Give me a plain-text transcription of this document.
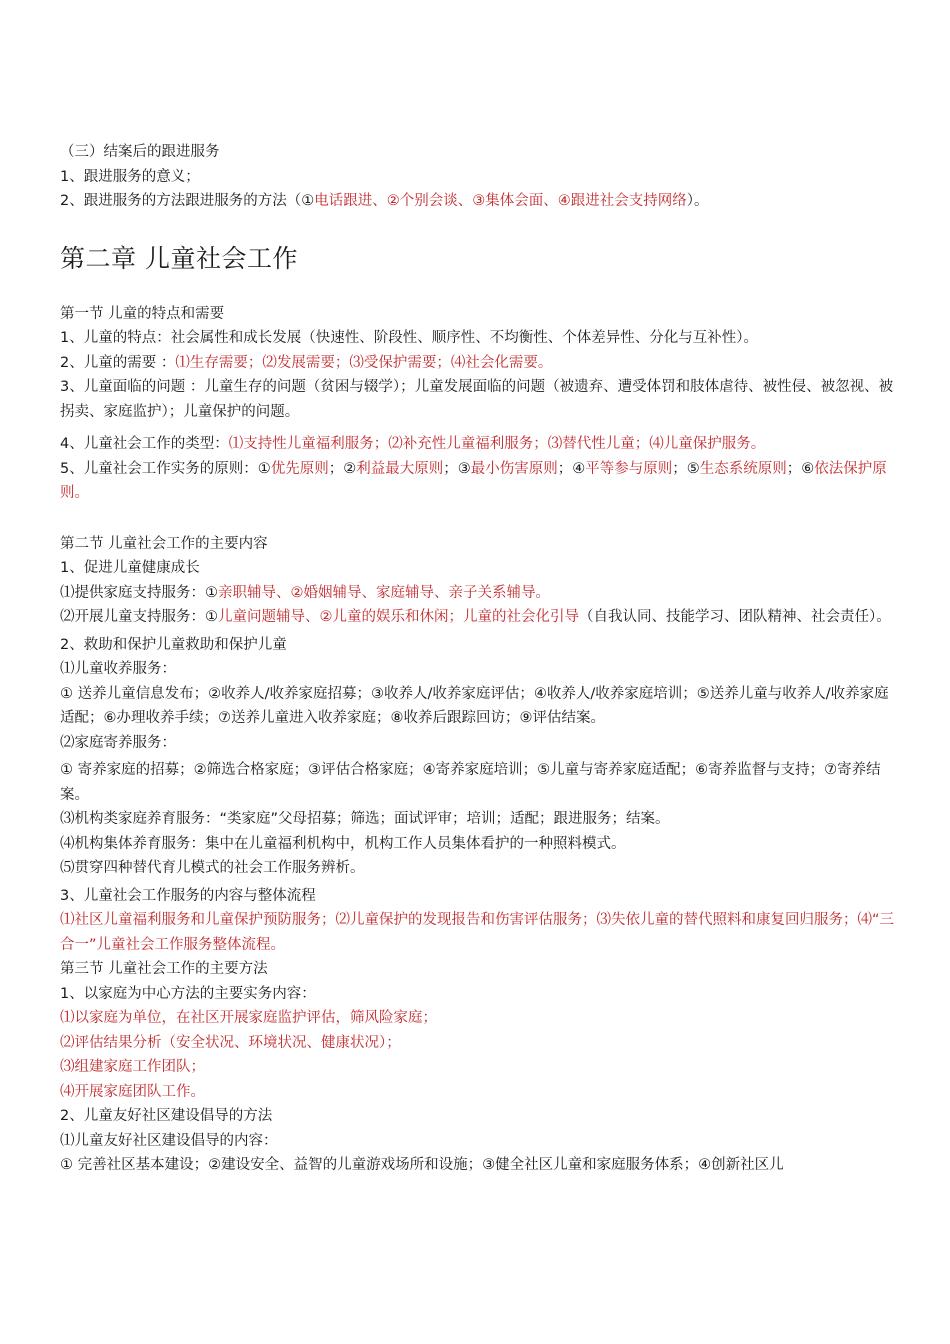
（三）结案后的跟进服务

1、跟进服务的意义；

2、跟进服务的方法跟进服务的方法（①电话跟进、②个别会谈、③集体会面、④跟进社会支持网络）。

第二章 儿童社会工作

第一节 儿童的特点和需要

1、儿童的特点：社会属性和成长发展（快速性、阶段性、顺序性、不均衡性、个体差异性、分化与互补性）。

2、儿童的需要 ：⑴生存需要；⑵发展需要；⑶受保护需要；⑷社会化需要。

3、儿童面临的问题 ：儿童生存的问题（贫困与辍学）；儿童发展面临的问题（被遗弃、遭受体罚和肢体虐待、被性侵、被忽视、被拐卖、家庭监护）；儿童保护的问题。

4、儿童社会工作的类型：⑴支持性儿童福利服务；⑵补充性儿童福利服务；⑶替代性儿童；⑷儿童保护服务。

5、儿童社会工作实务的原则：①优先原则；②利益最大原则；③最小伤害原则；④平等参与原则；⑤生态系统原则；⑥依法保护原则。

第二节 儿童社会工作的主要内容

1、促进儿童健康成长

⑴提供家庭支持服务：①亲职辅导、②婚姻辅导、家庭辅导、亲子关系辅导。

⑵开展儿童支持服务：①儿童问题辅导、②儿童的娱乐和休闲；儿童的社会化引导（自我认同、技能学习、团队精神、社会责任）。

2、救助和保护儿童救助和保护儿童

⑴儿童收养服务：

① 送养儿童信息发布；②收养人/收养家庭招募；③收养人/收养家庭评估；④收养人/收养家庭培训；⑤送养儿童与收养人/收养家庭适配；⑥办理收养手续；⑦送养儿童进入收养家庭；⑧收养后跟踪回访；⑨评估结案。

⑵家庭寄养服务：

① 寄养家庭的招募；②筛选合格家庭；③评估合格家庭；④寄养家庭培训；⑤儿童与寄养家庭适配；⑥寄养监督与支持；⑦寄养结案。

⑶机构类家庭养育服务：“类家庭”父母招募；筛选；面试评审；培训；适配；跟进服务；结案。

⑷机构集体养育服务：集中在儿童福利机构中，机构工作人员集体看护的一种照料模式。

⑸贯穿四种替代育儿模式的社会工作服务辨析。

3、儿童社会工作服务的内容与整体流程

⑴社区儿童福利服务和儿童保护预防服务；⑵儿童保护的发现报告和伤害评估服务；⑶失依儿童的替代照料和康复回归服务；⑷“三合一”儿童社会工作服务整体流程。

第三节 儿童社会工作的主要方法

1、以家庭为中心方法的主要实务内容：

⑴以家庭为单位，在社区开展家庭监护评估，筛风险家庭；

⑵评估结果分析（安全状况、环境状况、健康状况）；

⑶组建家庭工作团队；

⑷开展家庭团队工作。

2、儿童友好社区建设倡导的方法

⑴儿童友好社区建设倡导的内容：

① 完善社区基本建设；②建设安全、益智的儿童游戏场所和设施；③健全社区儿童和家庭服务体系；④创新社区儿
